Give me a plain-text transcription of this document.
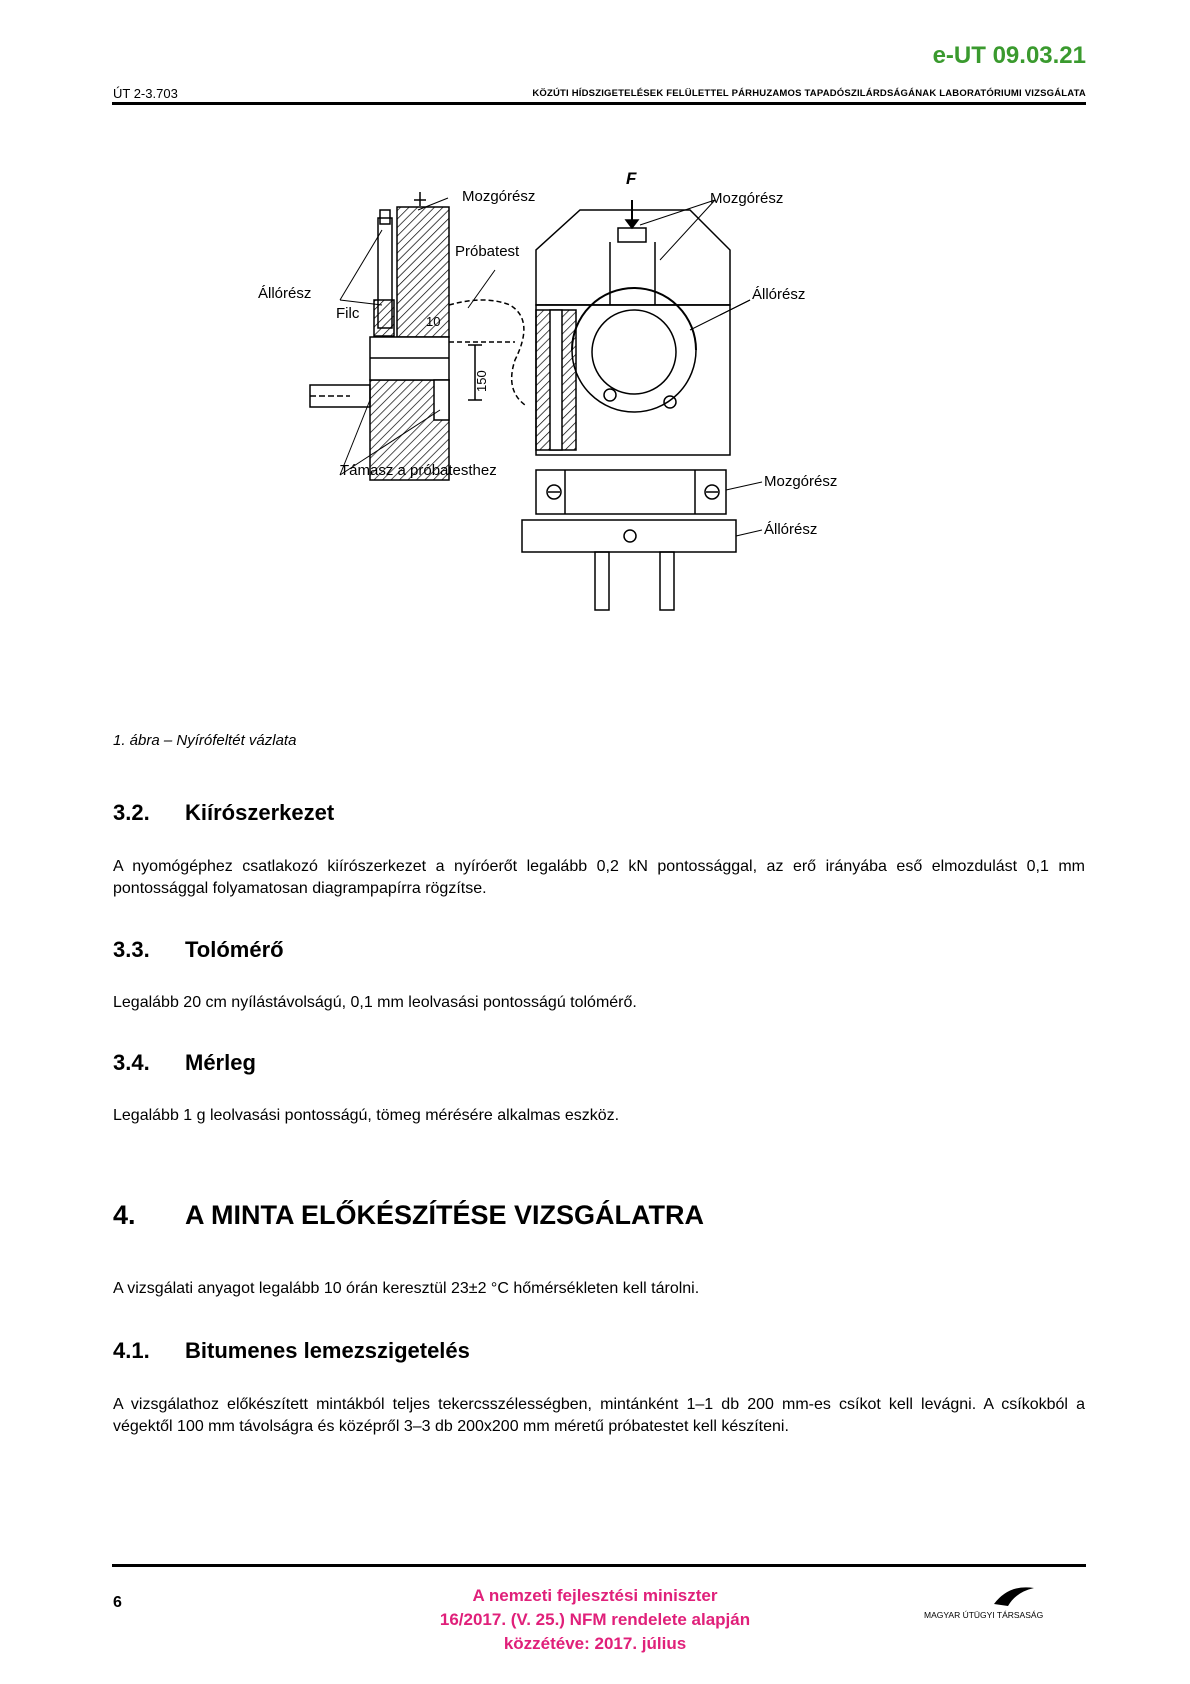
e-UT 09.03.21
ÚT 2-3.703	KÖZÚTI HÍDSZIGETELÉSEK FELÜLETTEL PÁRHUZAMOS TAPADÓSZILÁRDSÁGÁNAK LABORATÓRIUMI VIZSGÁLATA
F
Mozgórész	Mozgórész
Próbatest
Állórész	Állórész
Filc	10
150
Támasz a próbatesthez
Mozgórész
Állórész
1. ábra – Nyírófeltét vázlata
3.2. Kiírószerkezet
A nyomógéphez csatlakozó kiírószerkezet a nyíróerőt legalább 0,2 kN pontossággal, az erő irányába eső elmozdulást 0,1 mm pontossággal folyamatosan diagrampapírra rögzítse.
3.3. Tolómérő
Legalább 20 cm nyílástávolságú, 0,1 mm leolvasási pontosságú tolómérő.
3.4. Mérleg
Legalább 1 g leolvasási pontosságú, tömeg mérésére alkalmas eszköz.
4. A MINTA ELŐKÉSZÍTÉSE VIZSGÁLATRA
A vizsgálati anyagot legalább 10 órán keresztül 23±2 °C hőmérsékleten kell tárolni.
4.1. Bitumenes lemezszigetelés
A vizsgálathoz előkészített mintákból teljes tekercsszélességben, mintánként 1–1 db 200 mm-es csíkot kell levágni. A csíkokból a végektől 100 mm távolságra és középről 3–3 db 200x200 mm méretű próbatestet kell készíteni.
6	A nemzeti fejlesztési miniszter
16/2017. (V. 25.) NFM rendelete alapján
közzétéve: 2017. július
MAGYAR ÚTÜGYI TÁRSASÁG
